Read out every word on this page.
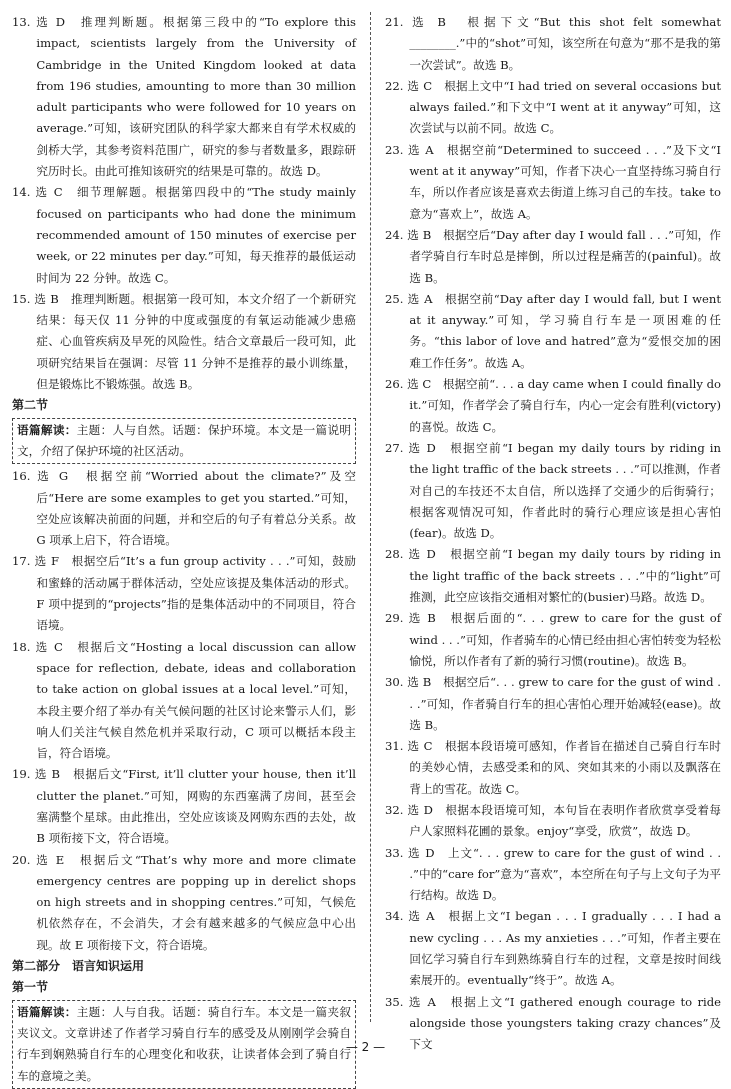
13. 选 D　推理判断题。根据第三段中的“To explore this impact, scientists largely from the University of Cambridge in the United Kingdom looked at data from 196 studies, amounting to more than 30 million adult participants who were followed for 10 years on average.”可知，该研究团队的科学家大都来自有学术权威的剑桥大学，其参考资料范围广，研究的参与者数量多，跟踪研究历时长。由此可推知该研究的结果是可靠的。故选 D。

14. 选 C　细节理解题。根据第四段中的“The study mainly focused on participants who had done the minimum recommended amount of 150 minutes of exercise per week, or 22 minutes per day.”可知，每天推荐的最低运动时间为 22 分钟。故选 C。

15. 选 B　推理判断题。根据第一段可知，本文介绍了一个新研究结果：每天仅 11 分钟的中度或强度的有氧运动能减少患癌症、心血管疾病及早死的风险性。结合文章最后一段可知，此项研究结果旨在强调：尽管 11 分钟不是推荐的最小训练量，但是锻炼比不锻炼强。故选 B。

第二节

语篇解读：主题：人与自然。话题：保护环境。本文是一篇说明文，介绍了保护环境的社区活动。

16. 选 G　根据空前“Worried about the climate?”及空后“Here are some examples to get you started.”可知，空处应该解决前面的问题，并和空后的句子有着总分关系。故 G 项承上启下，符合语境。

17. 选 F　根据空后“It’s a fun group activity . . .”可知，鼓励和蜜蜂的活动属于群体活动，空处应该提及集体活动的形式。F 项中提到的“projects”指的是集体活动中的不同项目，符合语境。

18. 选 C　根据后文“Hosting a local discussion can allow space for reflection, debate, ideas and collaboration to take action on global issues at a local level.”可知，本段主要介绍了举办有关气候问题的社区讨论来警示人们，影响人们关注气候自然危机并采取行动，C 项可以概括本段主旨，符合语境。

19. 选 B　根据后文“First, it’ll clutter your house, then it’ll clutter the planet.”可知，网购的东西塞满了房间，甚至会塞满整个星球。由此推出，空处应该谈及网购东西的去处，故 B 项衔接下文，符合语境。

20. 选 E　根据后文“That’s why more and more climate emergency centres are popping up in derelict shops on high streets and in shopping centres.”可知，气候危机依然存在，不会消失，才会有越来越多的气候应急中心出现。故 E 项衔接下文，符合语境。

第二部分　语言知识运用

第一节

语篇解读：主题：人与自我。话题：骑自行车。本文是一篇夹叙夹议文。文章讲述了作者学习骑自行车的感受及从刚刚学会骑自行车到娴熟骑自行车的心理变化和收获，让读者体会到了骑自行车的意境之美。

21. 选 B　根据下文“But this shot felt somewhat ________.”中的“shot”可知，该空所在句意为“那不是我的第一次尝试”。故选 B。

22. 选 C　根据上文中“I had tried on several occasions but always failed.”和下文中“I went at it anyway”可知，这次尝试与以前不同。故选 C。

23. 选 A　根据空前“Determined to succeed . . .”及下文“I went at it anyway”可知，作者下决心一直坚持练习骑自行车，所以作者应该是喜欢去街道上练习自己的车技。take to 意为“喜欢上”，故选 A。

24. 选 B　根据空后“Day after day I would fall . . .”可知，作者学骑自行车时总是摔倒，所以过程是痛苦的(painful)。故选 B。

25. 选 A　根据空前“Day after day I would fall, but I went at it anyway.”可知，学习骑自行车是一项困难的任务。“this labor of love and hatred”意为“爱恨交加的困难工作任务”。故选 A。

26. 选 C　根据空前“. . . a day came when I could finally do it.”可知，作者学会了骑自行车，内心一定会有胜利(victory)的喜悦。故选 C。

27. 选 D　根据空前“I began my daily tours by riding in the light traffic of the back streets . . .”可以推测，作者对自己的车技还不太自信，所以选择了交通少的后街骑行；根据客观情况可知，作者此时的骑行心理应该是担心害怕(fear)。故选 D。

28. 选 D　根据空前“I began my daily tours by riding in the light traffic of the back streets . . .”中的“light”可推测，此空应该指交通相对繁忙的(busier)马路。故选 D。

29. 选 B　根据后面的“. . . grew to care for the gust of wind . . .”可知，作者骑车的心情已经由担心害怕转变为轻松愉悦，所以作者有了新的骑行习惯(routine)。故选 B。

30. 选 B　根据空后“. . . grew to care for the gust of wind . . .”可知，作者骑自行车的担心害怕心理开始减轻(ease)。故选 B。

31. 选 C　根据本段语境可感知，作者旨在描述自己骑自行车时的美妙心情，去感受柔和的风、突如其来的小雨以及飘落在背上的雪花。故选 C。

32. 选 D　根据本段语境可知，本句旨在表明作者欣赏享受着每户人家照料花圃的景象。enjoy“享受，欣赏”，故选 D。

33. 选 D　上文“. . . grew to care for the gust of wind . . .”中的“care for”意为“喜欢”，本空所在句子与上文句子为平行结构。故选 D。

34. 选 A　根据上文“I began . . . I gradually . . . I had a new cycling . . . As my anxieties . . .”可知，作者主要在回忆学习骑自行车到熟练骑自行车的过程，文章是按时间线索展开的。eventually“终于”。故选 A。

35. 选 A　根据上文“I gathered enough courage to ride alongside those youngsters taking crazy chances”及下文

— 2 —
